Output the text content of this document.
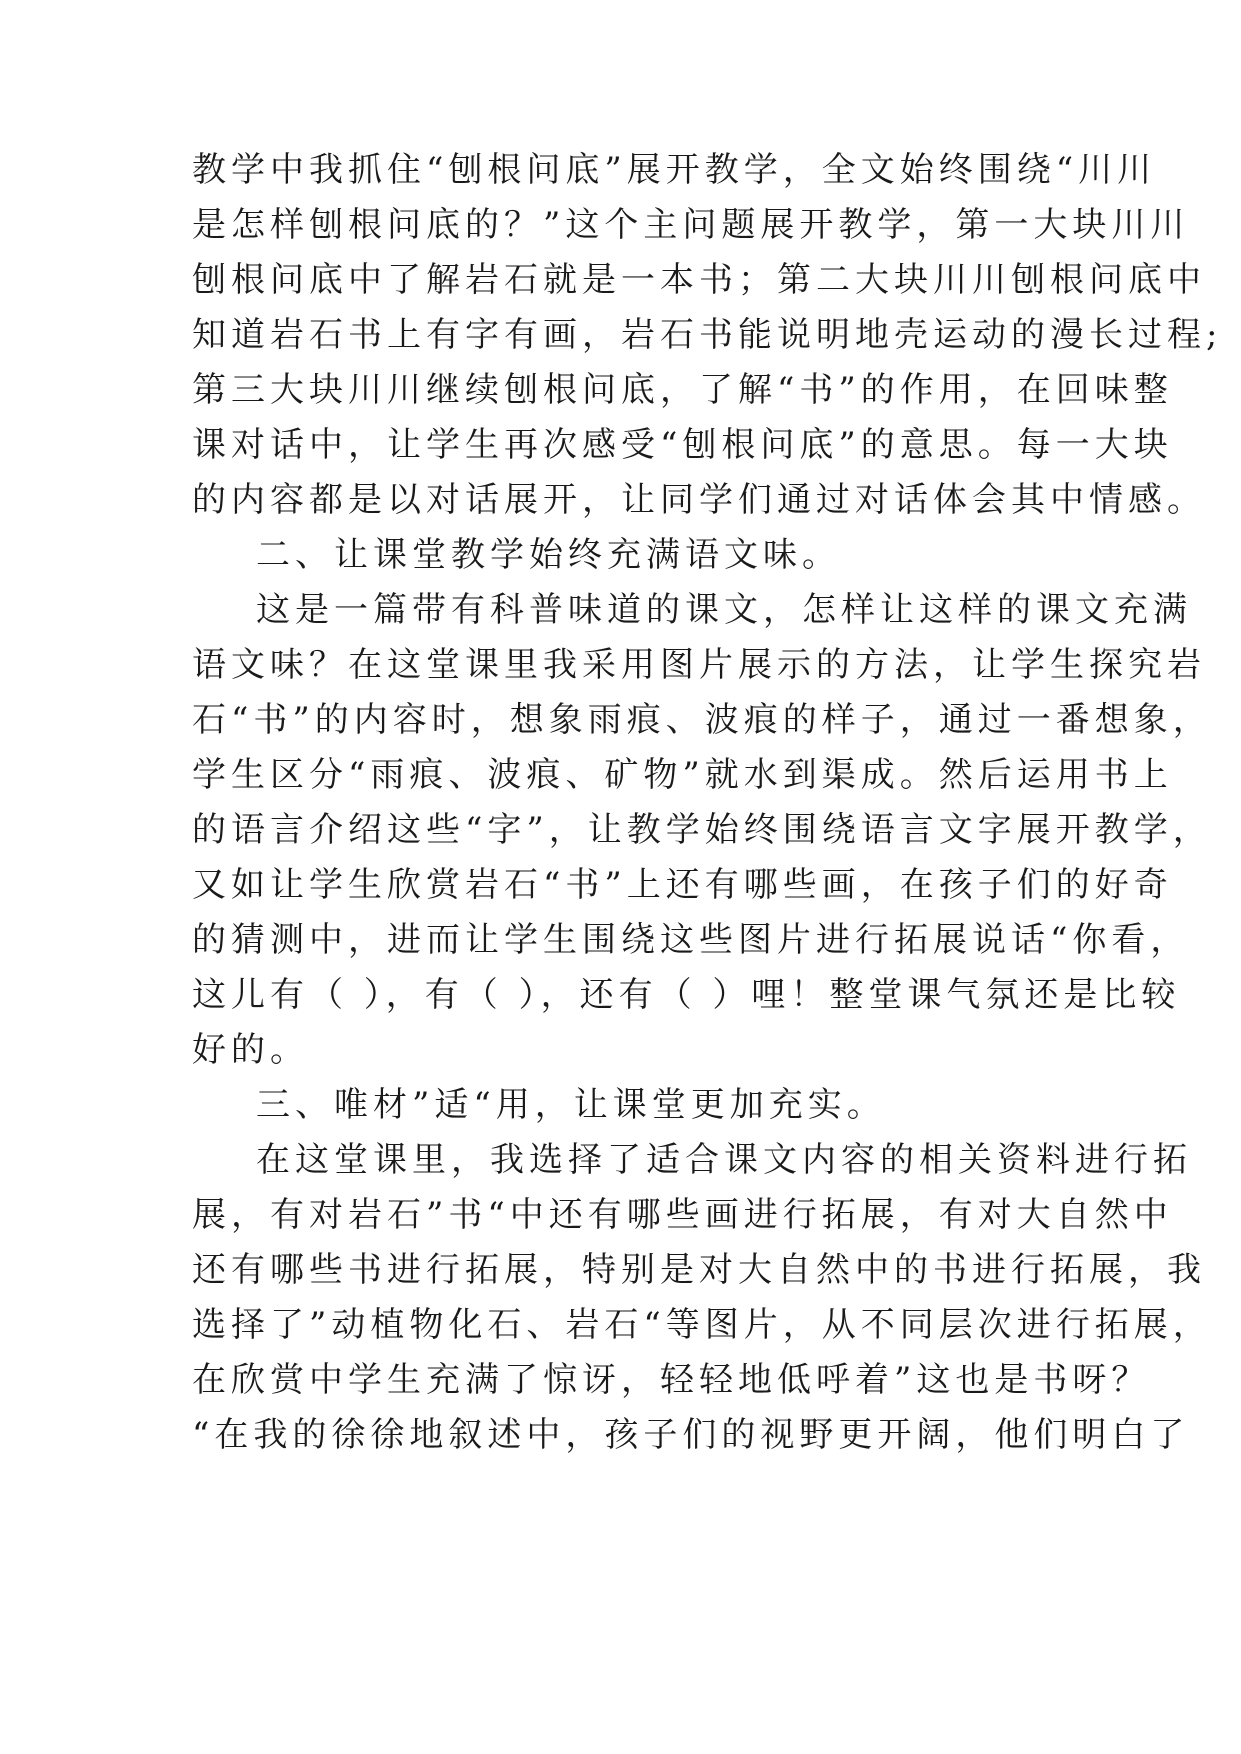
教学中我抓住“刨根问底”展开教学，全文始终围绕“川川
是怎样刨根问底的？”这个主问题展开教学，第一大块川川
刨根问底中了解岩石就是一本书；第二大块川川刨根问底中
知道岩石书上有字有画，岩石书能说明地壳运动的漫长过程;
第三大块川川继续刨根问底，了解“书”的作用，在回味整
课对话中，让学生再次感受“刨根问底”的意思。每一大块
的内容都是以对话展开，让同学们通过对话体会其中情感。
二、让课堂教学始终充满语文味。
这是一篇带有科普味道的课文，怎样让这样的课文充满
语文味？在这堂课里我采用图片展示的方法，让学生探究岩
石“书”的内容时，想象雨痕、波痕的样子，通过一番想象，
学生区分“雨痕、波痕、矿物”就水到渠成。然后运用书上
的语言介绍这些“字”，让教学始终围绕语言文字展开教学，
又如让学生欣赏岩石“书”上还有哪些画，在孩子们的好奇
的猜测中，进而让学生围绕这些图片进行拓展说话“你看，
这儿有（ ），有（ ），还有（ ）哩！整堂课气氛还是比较
好的。
三、唯材”适“用，让课堂更加充实。
在这堂课里，我选择了适合课文内容的相关资料进行拓
展，有对岩石”书“中还有哪些画进行拓展，有对大自然中
还有哪些书进行拓展，特别是对大自然中的书进行拓展，我
选择了”动植物化石、岩石“等图片，从不同层次进行拓展，
在欣赏中学生充满了惊讶，轻轻地低呼着”这也是书呀？
“在我的徐徐地叙述中，孩子们的视野更开阔，他们明白了
